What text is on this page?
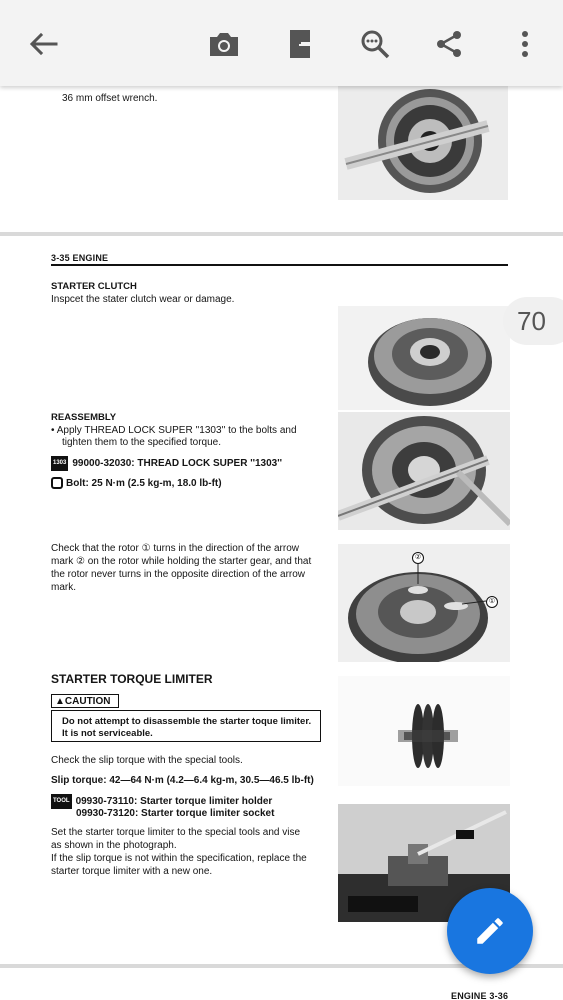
36 mm offset wrench.
3-35 ENGINE
STARTER CLUTCH
Inspcet the stater clutch wear or damage.
REASSEMBLY
• Apply THREAD LOCK SUPER ''1303'' to the bolts and
tighten them to the specified torque.
1303 99000-32030: THREAD LOCK SUPER ''1303''
Bolt: 25 N·m (2.5 kg-m, 18.0 lb-ft)
Check that the rotor ① turns in the direction of the arrow
mark ② on the rotor while holding the starter gear, and that
the rotor never turns in the opposite direction of the arrow
mark.
②
①
STARTER TORQUE LIMITER
▲CAUTION
Do not attempt to disassemble the starter toque limiter.
It is not serviceable.
Check the slip torque with the special tools.
Slip torque: 42—64 N·m (4.2—6.4 kg-m, 30.5—46.5 lb-ft)
TOOL 09930-73110: Starter torque limiter holder
09930-73120: Starter torque limiter socket
Set the starter torque limiter to the special tools and vise
as shown in the photograph.
If the slip torque is not within the specification, replace the
starter torque limiter with a new one.
ENGINE 3-36
70
